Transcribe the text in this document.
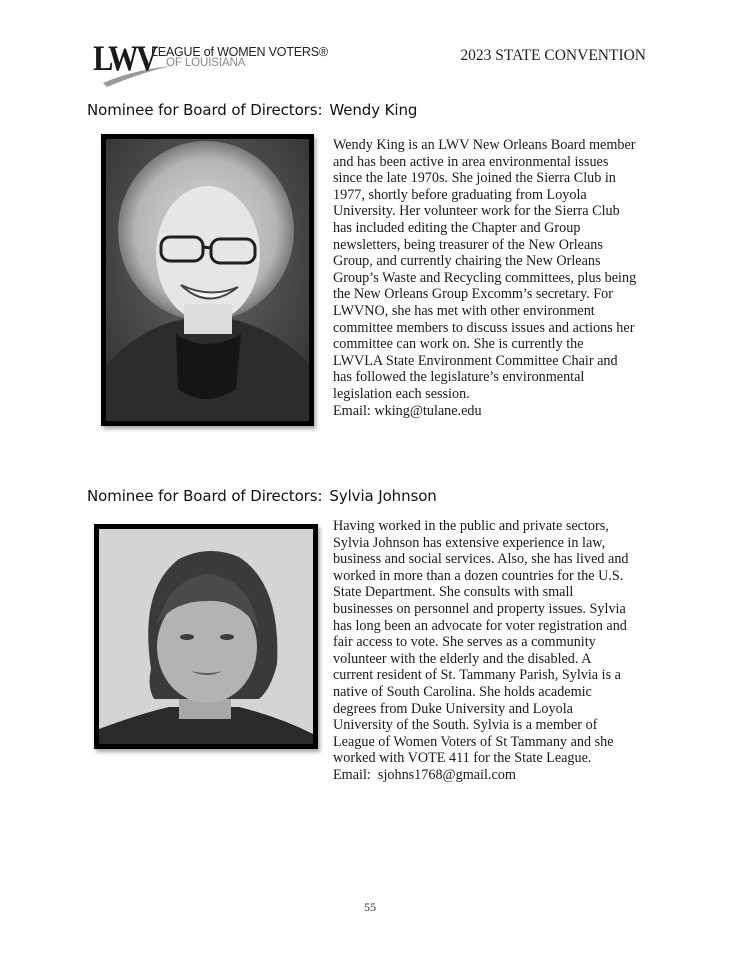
LWV
LEAGUE of WOMEN VOTERS®
OF LOUISIANA	2023 STATE CONVENTION
Nominee for Board of Directors: Wendy King
Wendy King is an LWV New Orleans Board member
and has been active in area environmental issues
since the late 1970s. She joined the Sierra Club in
1977, shortly before graduating from Loyola
University. Her volunteer work for the Sierra Club
has included editing the Chapter and Group
newsletters, being treasurer of the New Orleans
Group, and currently chairing the New Orleans
Group’s Waste and Recycling committees, plus being
the New Orleans Group Excomm’s secretary. For
LWVNO, she has met with other environment
committee members to discuss issues and actions her
committee can work on. She is currently the
LWVLA State Environment Committee Chair and
has followed the legislature’s environmental
legislation each session.
Email: wking@tulane.edu
Nominee for Board of Directors: Sylvia Johnson
Having worked in the public and private sectors,
Sylvia Johnson has extensive experience in law,
business and social services. Also, she has lived and
worked in more than a dozen countries for the U.S.
State Department. She consults with small
businesses on personnel and property issues. Sylvia
has long been an advocate for voter registration and
fair access to vote. She serves as a community
volunteer with the elderly and the disabled. A
current resident of St. Tammany Parish, Sylvia is a
native of South Carolina. She holds academic
degrees from Duke University and Loyola
University of the South. Sylvia is a member of
League of Women Voters of St Tammany and she
worked with VOTE 411 for the State League.
Email:  sjohns1768@gmail.com
55
